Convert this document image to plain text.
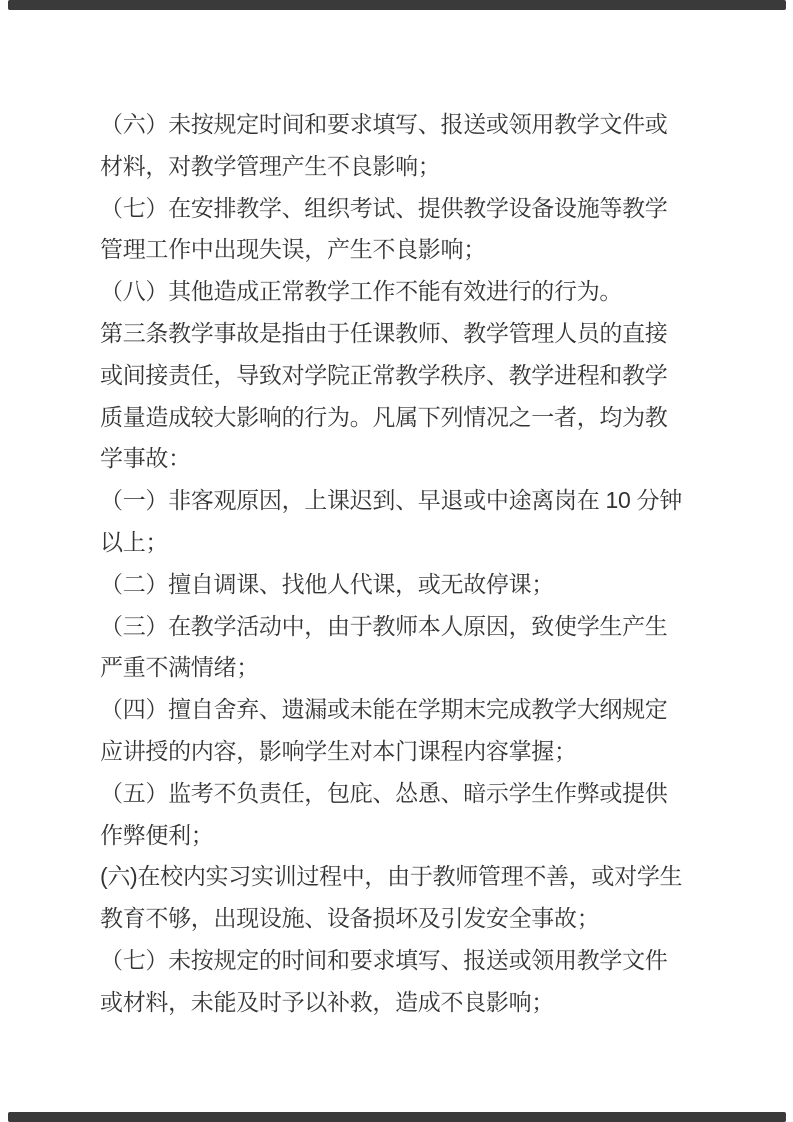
（六）未按规定时间和要求填写、报送或领用教学文件或
材料，对教学管理产生不良影响；
（七）在安排教学、组织考试、提供教学设备设施等教学
管理工作中出现失误，产生不良影响；
（八）其他造成正常教学工作不能有效进行的行为。
第三条教学事故是指由于任课教师、教学管理人员的直接
或间接责任，导致对学院正常教学秩序、教学进程和教学
质量造成较大影响的行为。凡属下列情况之一者，均为教
学事故：
（一）非客观原因，上课迟到、早退或中途离岗在 10 分钟
以上；
（二）擅自调课、找他人代课，或无故停课；
（三）在教学活动中，由于教师本人原因，致使学生产生
严重不满情绪；
（四）擅自舍弃、遗漏或未能在学期末完成教学大纲规定
应讲授的内容，影响学生对本门课程内容掌握；
（五）监考不负责任，包庇、怂恿、暗示学生作弊或提供
作弊便利；
(六)在校内实习实训过程中，由于教师管理不善，或对学生
教育不够，出现设施、设备损坏及引发安全事故；
（七）未按规定的时间和要求填写、报送或领用教学文件
或材料，未能及时予以补救，造成不良影响；
